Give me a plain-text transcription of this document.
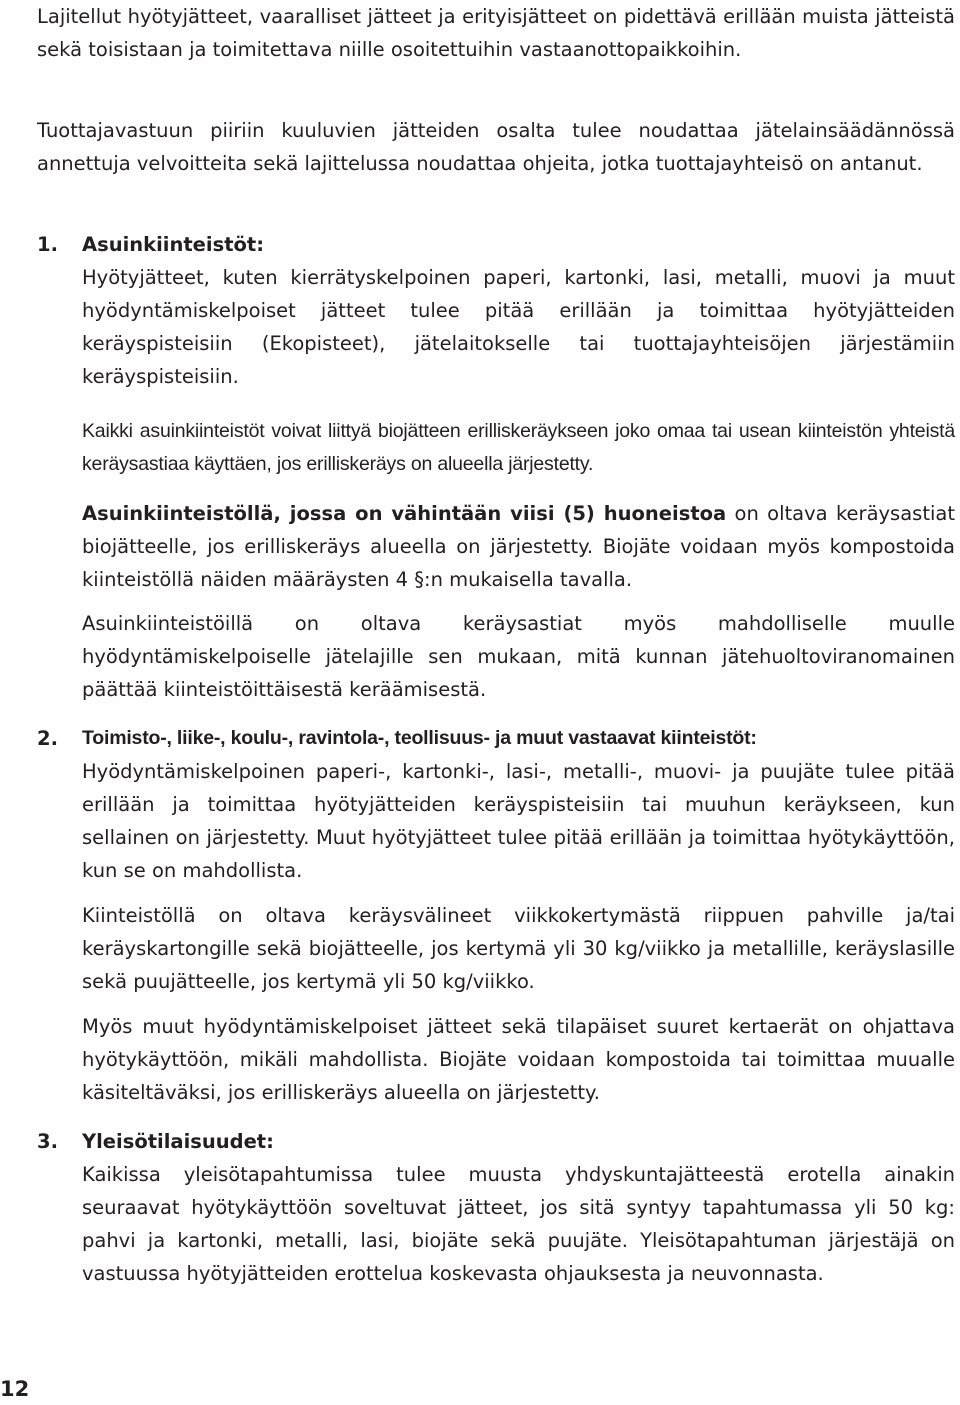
Lajitellut hyötyjätteet, vaaralliset jätteet ja erityisjätteet on pidettävä erillään muista jätteistä sekä toisistaan ja toimitettava niille osoitettuihin vastaanottopaikkoihin.

Tuottajavastuun piiriin kuuluvien jätteiden osalta tulee noudattaa jätelainsäädännössä annettuja velvoitteita sekä lajittelussa noudattaa ohjeita, jotka tuottajayhteisö on antanut.

1. Asuinkiinteistöt:

Hyötyjätteet, kuten kierrätyskelpoinen paperi, kartonki, lasi, metalli, muovi ja muut hyödyntämiskelpoiset jätteet tulee pitää erillään ja toimittaa hyötyjätteiden keräyspisteisiin (Ekopisteet), jätelaitokselle tai tuottajayhteisöjen järjestämiin keräyspisteisiin.

Kaikki asuinkiinteistöt voivat liittyä biojätteen erilliskeräykseen joko omaa tai usean kiinteistön yhteistä keräysastiaa käyttäen, jos erilliskeräys on alueella järjestetty.

Asuinkiinteistöllä, jossa on vähintään viisi (5) huoneistoa on oltava keräysastiat biojätteelle, jos erilliskeräys alueella on järjestetty. Biojäte voidaan myös kompostoida kiinteistöllä näiden määräysten 4 §:n mukaisella tavalla.

Asuinkiinteistöillä on oltava keräysastiat myös mahdolliselle muulle hyödyntämiskelpoiselle jätelajille sen mukaan, mitä kunnan jätehuoltoviranomainen päättää kiinteistöittäisestä keräämisestä.

2. Toimisto-, liike-, koulu-, ravintola-, teollisuus- ja muut vastaavat kiinteistöt:

Hyödyntämiskelpoinen paperi-, kartonki-, lasi-, metalli-, muovi- ja puujäte tulee pitää erillään ja toimittaa hyötyjätteiden keräyspisteisiin tai muuhun keräykseen, kun sellainen on järjestetty. Muut hyötyjätteet tulee pitää erillään ja toimittaa hyötykäyttöön, kun se on mahdollista.

Kiinteistöllä on oltava keräysvälineet viikkokertymästä riippuen pahville ja/tai keräyskartongille sekä biojätteelle, jos kertymä yli 30 kg/viikko ja metallille, keräyslasille sekä puujätteelle, jos kertymä yli 50 kg/viikko.

Myös muut hyödyntämiskelpoiset jätteet sekä tilapäiset suuret kertaerät on ohjattava hyötykäyttöön, mikäli mahdollista. Biojäte voidaan kompostoida tai toimittaa muualle käsiteltäväksi, jos erilliskeräys alueella on järjestetty.

3. Yleisötilaisuudet:

Kaikissa yleisötapahtumissa tulee muusta yhdyskuntajätteestä erotella ainakin seuraavat hyötykäyttöön soveltuvat jätteet, jos sitä syntyy tapahtumassa yli 50 kg: pahvi ja kartonki, metalli, lasi, biojäte sekä puujäte. Yleisötapahtuman järjestäjä on vastuussa hyötyjätteiden erottelua koskevasta ohjauksesta ja neuvonnasta.

12
